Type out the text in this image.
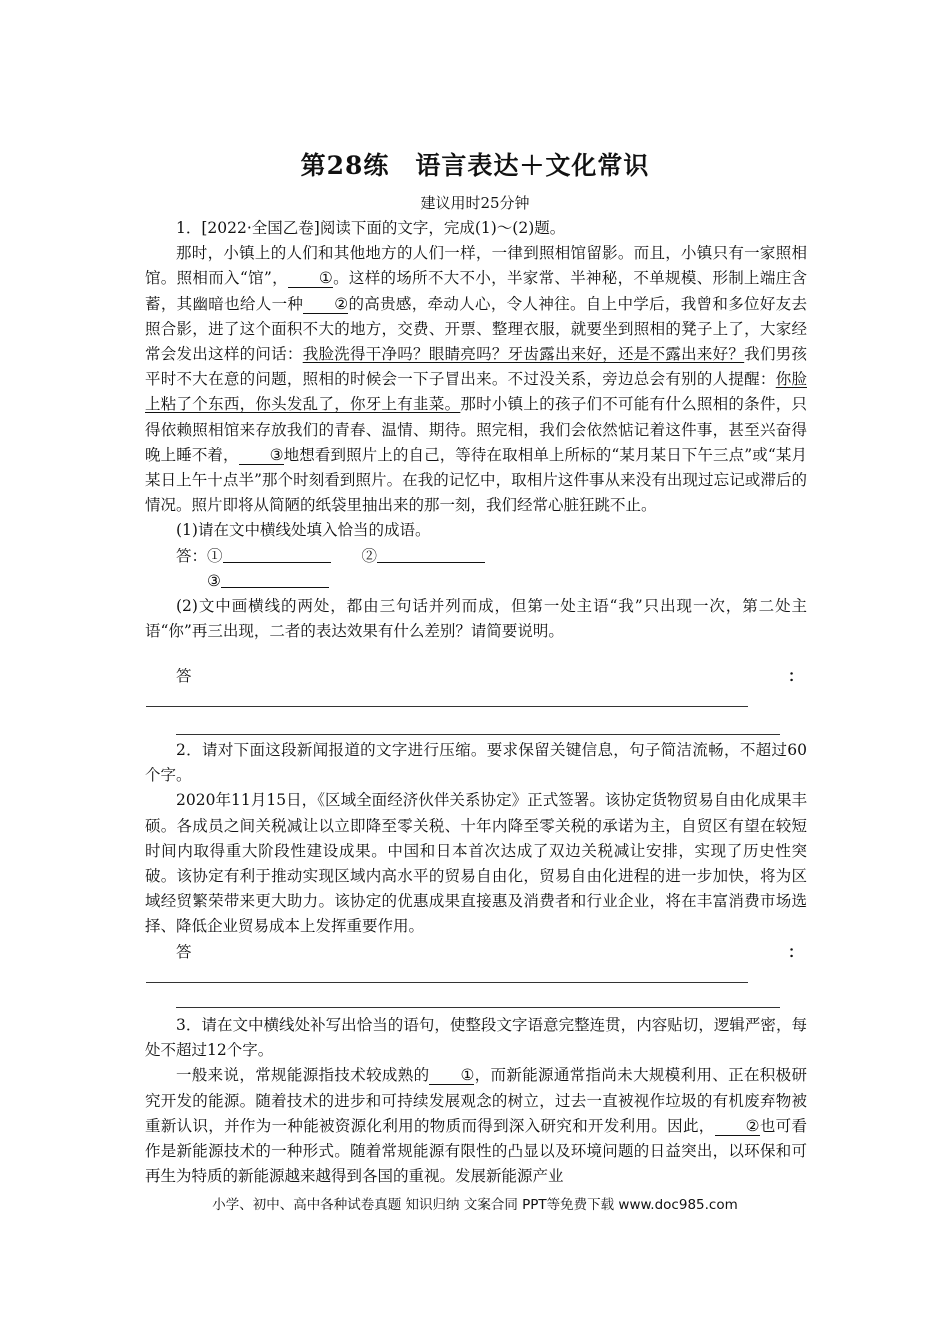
第28练　语言表达＋文化常识
建议用时25分钟

1．[2022·全国乙卷]阅读下面的文字，完成(1)～(2)题。

那时，小镇上的人们和其他地方的人们一样，一律到照相馆留影。而且，小镇只有一家照相馆。照相而入“馆”， ①。这样的场所不大不小，半家常、半神秘，不单规模、形制上端庄含蓄，其幽暗也给人一种 ②的高贵感，牵动人心，令人神往。自上中学后，我曾和多位好友去照合影，进了这个面积不大的地方，交费、开票、整理衣服，就要坐到照相的凳子上了，大家经常会发出这样的问话：我脸洗得干净吗？眼睛亮吗？牙齿露出来好，还是不露出来好？我们男孩平时不大在意的问题，照相的时候会一下子冒出来。不过没关系，旁边总会有别的人提醒：你脸上粘了个东西，你头发乱了，你牙上有韭菜。那时小镇上的孩子们不可能有什么照相的条件，只得依赖照相馆来存放我们的青春、温情、期待。照完相，我们会依然惦记着这件事，甚至兴奋得晚上睡不着， ③地想看到照片上的自己，等待在取相单上所标的“某月某日下午三点”或“某月某日上午十点半”那个时刻看到照片。在我的记忆中，取相片这件事从来没有出现过忘记或滞后的情况。照片即将从简陋的纸袋里抽出来的那一刻，我们经常心脏狂跳不止。

(1)请在文中横线处填入恰当的成语。

答：①　　	②

③

(2)文中画横线的两处，都由三句话并列而成，但第一处主语“我”只出现一次，第二处主语“你”再三出现，二者的表达效果有什么差别？请简要说明。

答	：

2．请对下面这段新闻报道的文字进行压缩。要求保留关键信息，句子简洁流畅，不超过60个字。

2020年11月15日，《区域全面经济伙伴关系协定》正式签署。该协定货物贸易自由化成果丰硕。各成员之间关税减让以立即降至零关税、十年内降至零关税的承诺为主，自贸区有望在较短时间内取得重大阶段性建设成果。中国和日本首次达成了双边关税减让安排，实现了历史性突破。该协定有利于推动实现区域内高水平的贸易自由化，贸易自由化进程的进一步加快，将为区域经贸繁荣带来更大助力。该协定的优惠成果直接惠及消费者和行业企业，将在丰富消费市场选择、降低企业贸易成本上发挥重要作用。

答	：

3．请在文中横线处补写出恰当的语句，使整段文字语意完整连贯，内容贴切，逻辑严密，每处不超过12个字。

一般来说，常规能源指技术较成熟的 ①，而新能源通常指尚未大规模利用、正在积极研究开发的能源。随着技术的进步和可持续发展观念的树立，过去一直被视作垃圾的有机废弃物被重新认识，并作为一种能被资源化利用的物质而得到深入研究和开发利用。因此， ②也可看作是新能源技术的一种形式。随着常规能源有限性的凸显以及环境问题的日益突出，以环保和可再生为特质的新能源越来越得到各国的重视。发展新能源产业

小学、初中、高中各种试卷真题 知识归纳 文案合同 PPT等免费下载 www.doc985.com
